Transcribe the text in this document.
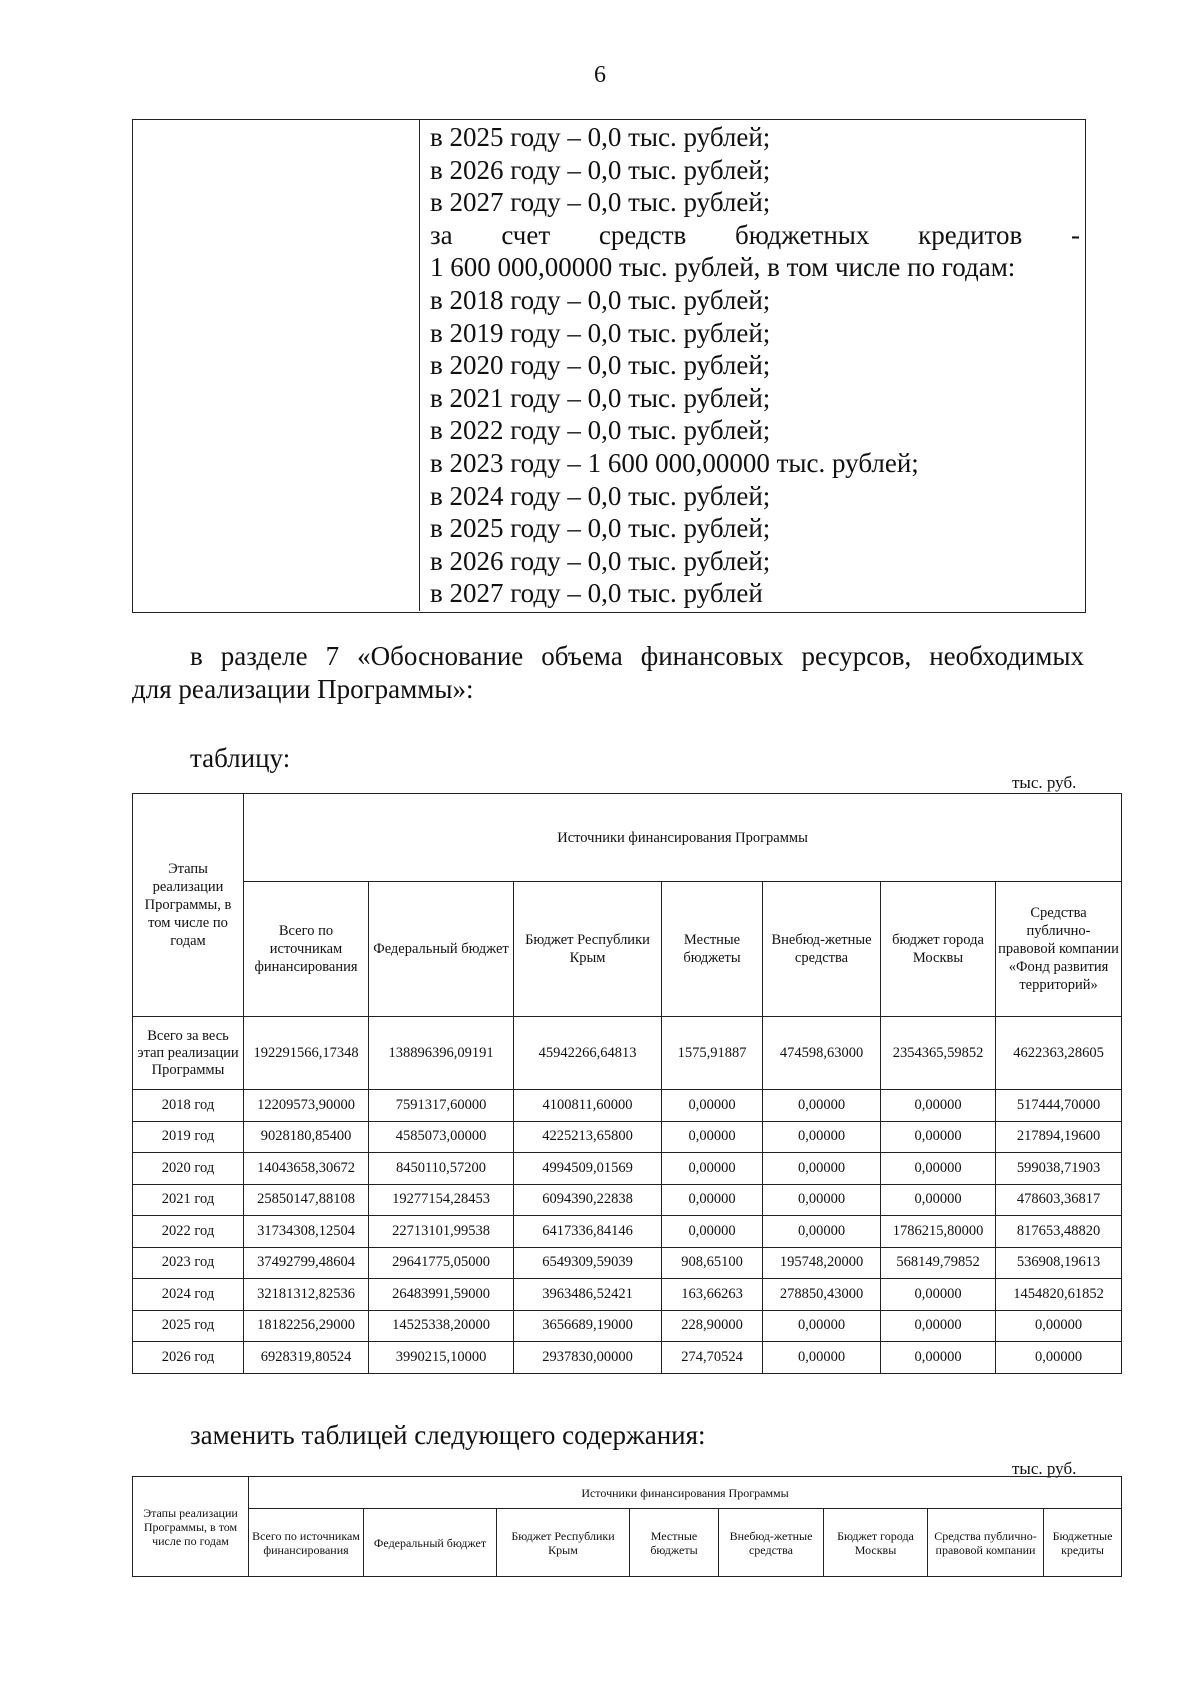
6
в 2025 году – 0,0 тыс. рублей;
в 2026 году – 0,0 тыс. рублей;
в 2027 году – 0,0 тыс. рублей;
за счет средств бюджетных кредитов -
1 600 000,00000 тыс. рублей, в том числе по годам:
в 2018 году – 0,0 тыс. рублей;
в 2019 году – 0,0 тыс. рублей;
в 2020 году – 0,0 тыс. рублей;
в 2021 году – 0,0 тыс. рублей;
в 2022 году – 0,0 тыс. рублей;
в 2023 году – 1 600 000,00000 тыс. рублей;
в 2024 году – 0,0 тыс. рублей;
в 2025 году – 0,0 тыс. рублей;
в 2026 году – 0,0 тыс. рублей;
в 2027 году – 0,0 тыс. рублей
в разделе 7 «Обоснование объема финансовых ресурсов, необходимых
для реализации Программы»:
таблицу:
тыс. руб.
Этапы реализации Программы, в том числе по годам	Источники финансирования Программы						
	Всего по источникам финансирования	Федеральный бюджет	Бюджет Республики Крым	Местные бюджеты	Внебюд-жетные средства	бюджет города Москвы	Средства публично-правовой компании «Фонд развития территорий»
Всего за весь этап реализации Программы	192291566,17348	138896396,09191	45942266,64813	1575,91887	474598,63000	2354365,59852	4622363,28605
2018 год	12209573,90000	7591317,60000	4100811,60000	0,00000	0,00000	0,00000	517444,70000
2019 год	9028180,85400	4585073,00000	4225213,65800	0,00000	0,00000	0,00000	217894,19600
2020 год	14043658,30672	8450110,57200	4994509,01569	0,00000	0,00000	0,00000	599038,71903
2021 год	25850147,88108	19277154,28453	6094390,22838	0,00000	0,00000	0,00000	478603,36817
2022 год	31734308,12504	22713101,99538	6417336,84146	0,00000	0,00000	1786215,80000	817653,48820
2023 год	37492799,48604	29641775,05000	6549309,59039	908,65100	195748,20000	568149,79852	536908,19613
2024 год	32181312,82536	26483991,59000	3963486,52421	163,66263	278850,43000	0,00000	1454820,61852
2025 год	18182256,29000	14525338,20000	3656689,19000	228,90000	0,00000	0,00000	0,00000
2026 год	6928319,80524	3990215,10000	2937830,00000	274,70524	0,00000	0,00000	0,00000
заменить таблицей следующего содержания:
тыс. руб.
Этапы реализации Программы, в том числе по годам	Источники финансирования Программы							
	Всего по источникам финансирования	Федеральный бюджет	Бюджет Республики Крым	Местные бюджеты	Внебюд-жетные средства	Бюджет города Москвы	Средства публично-правовой компании	Бюджетные кредиты
